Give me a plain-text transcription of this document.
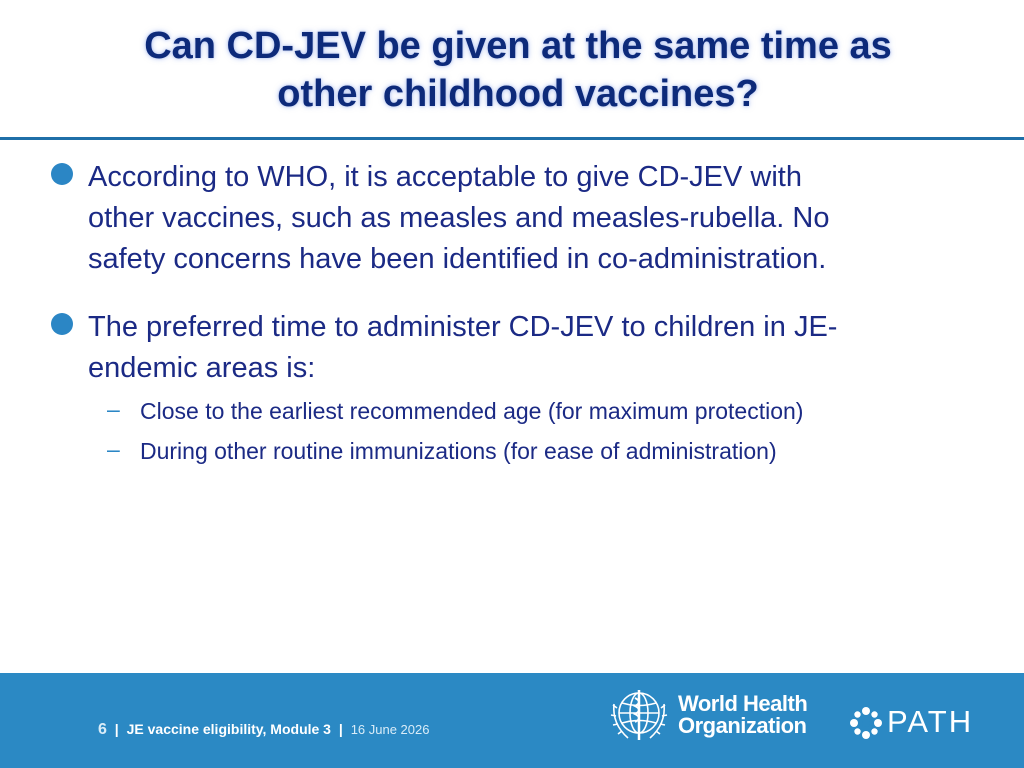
Can CD-JEV be given at the same time as
other childhood vaccines?
According to WHO, it is acceptable to give CD-JEV with
other vaccines, such as measles and measles-rubella. No
safety concerns have been identified in co-administration.
The preferred time to administer CD-JEV to children in JE-
endemic areas is:
– Close to the earliest recommended age (for maximum protection)
– During other routine immunizations (for ease of administration)
6 | JE vaccine eligibility, Module 3 | 16 June 2026
World Health
Organization	PATH
